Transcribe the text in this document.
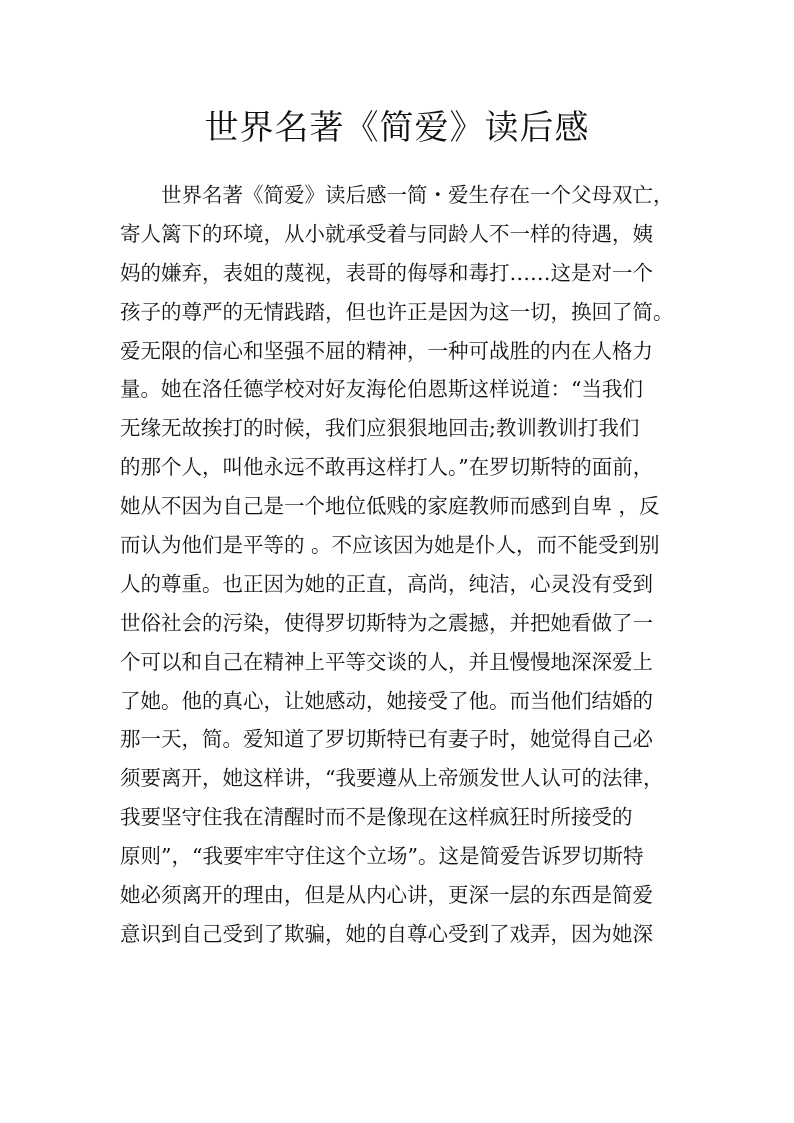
世界名著《简爱》读后感
世界名著《简爱》读后感一简・爱生存在一个父母双亡，
寄人篱下的环境，从小就承受着与同龄人不一样的待遇，姨
妈的嫌弃，表姐的蔑视，表哥的侮辱和毒打……这是对一个
孩子的尊严的无情践踏，但也许正是因为这一切，换回了简。
爱无限的信心和坚强不屈的精神，一种可战胜的内在人格力
量。她在洛任德学校对好友海伦伯恩斯这样说道：“当我们
无缘无故挨打的时候，我们应狠狠地回击;教训教训打我们
的那个人，叫他永远不敢再这样打人。”在罗切斯特的面前，
她从不因为自己是一个地位低贱的家庭教师而感到自卑 ，反
而认为他们是平等的 。不应该因为她是仆人，而不能受到别
人的尊重。也正因为她的正直，高尚，纯洁，心灵没有受到
世俗社会的污染，使得罗切斯特为之震撼，并把她看做了一
个可以和自己在精神上平等交谈的人，并且慢慢地深深爱上
了她。他的真心，让她感动，她接受了他。而当他们结婚的
那一天，简。爱知道了罗切斯特已有妻子时，她觉得自己必
须要离开，她这样讲，“我要遵从上帝颁发世人认可的法律，
我要坚守住我在清醒时而不是像现在这样疯狂时所接受的
原则”，“我要牢牢守住这个立场”。这是简爱告诉罗切斯特
她必须离开的理由，但是从内心讲，更深一层的东西是简爱
意识到自己受到了欺骗，她的自尊心受到了戏弄，因为她深
